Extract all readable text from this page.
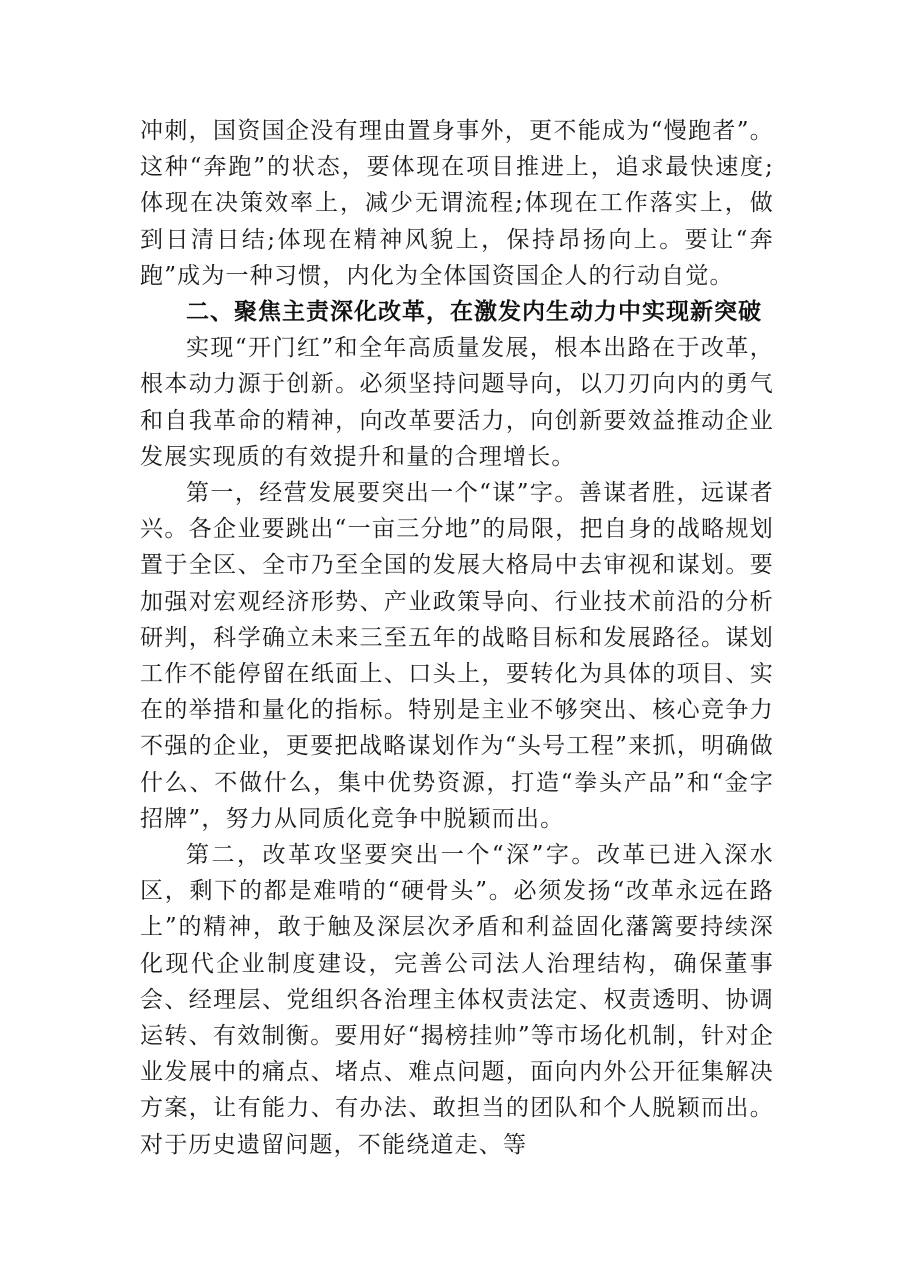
冲刺，国资国企没有理由置身事外，更不能成为“慢跑者”。这种“奔跑”的状态，要体现在项目推进上，追求最快速度;体现在决策效率上，减少无谓流程;体现在工作落实上，做到日清日结;体现在精神风貌上，保持昂扬向上。要让“奔跑”成为一种习惯，内化为全体国资国企人的行动自觉。

二、聚焦主责深化改革，在激发内生动力中实现新突破

实现“开门红”和全年高质量发展，根本出路在于改革，根本动力源于创新。必须坚持问题导向，以刀刃向内的勇气和自我革命的精神，向改革要活力，向创新要效益推动企业发展实现质的有效提升和量的合理增长。

第一，经营发展要突出一个“谋”字。善谋者胜，远谋者兴。各企业要跳出“一亩三分地”的局限，把自身的战略规划置于全区、全市乃至全国的发展大格局中去审视和谋划。要加强对宏观经济形势、产业政策导向、行业技术前沿的分析研判，科学确立未来三至五年的战略目标和发展路径。谋划工作不能停留在纸面上、口头上，要转化为具体的项目、实在的举措和量化的指标。特别是主业不够突出、核心竞争力不强的企业，更要把战略谋划作为“头号工程”来抓，明确做什么、不做什么，集中优势资源，打造“拳头产品”和“金字招牌”，努力从同质化竞争中脱颖而出。

第二，改革攻坚要突出一个“深”字。改革已进入深水区，剩下的都是难啃的“硬骨头”。必须发扬“改革永远在路上”的精神，敢于触及深层次矛盾和利益固化藩篱要持续深化现代企业制度建设，完善公司法人治理结构，确保董事会、经理层、党组织各治理主体权责法定、权责透明、协调运转、有效制衡。要用好“揭榜挂帅”等市场化机制，针对企业发展中的痛点、堵点、难点问题，面向内外公开征集解决方案，让有能力、有办法、敢担当的团队和个人脱颖而出。对于历史遗留问题，不能绕道走、等
